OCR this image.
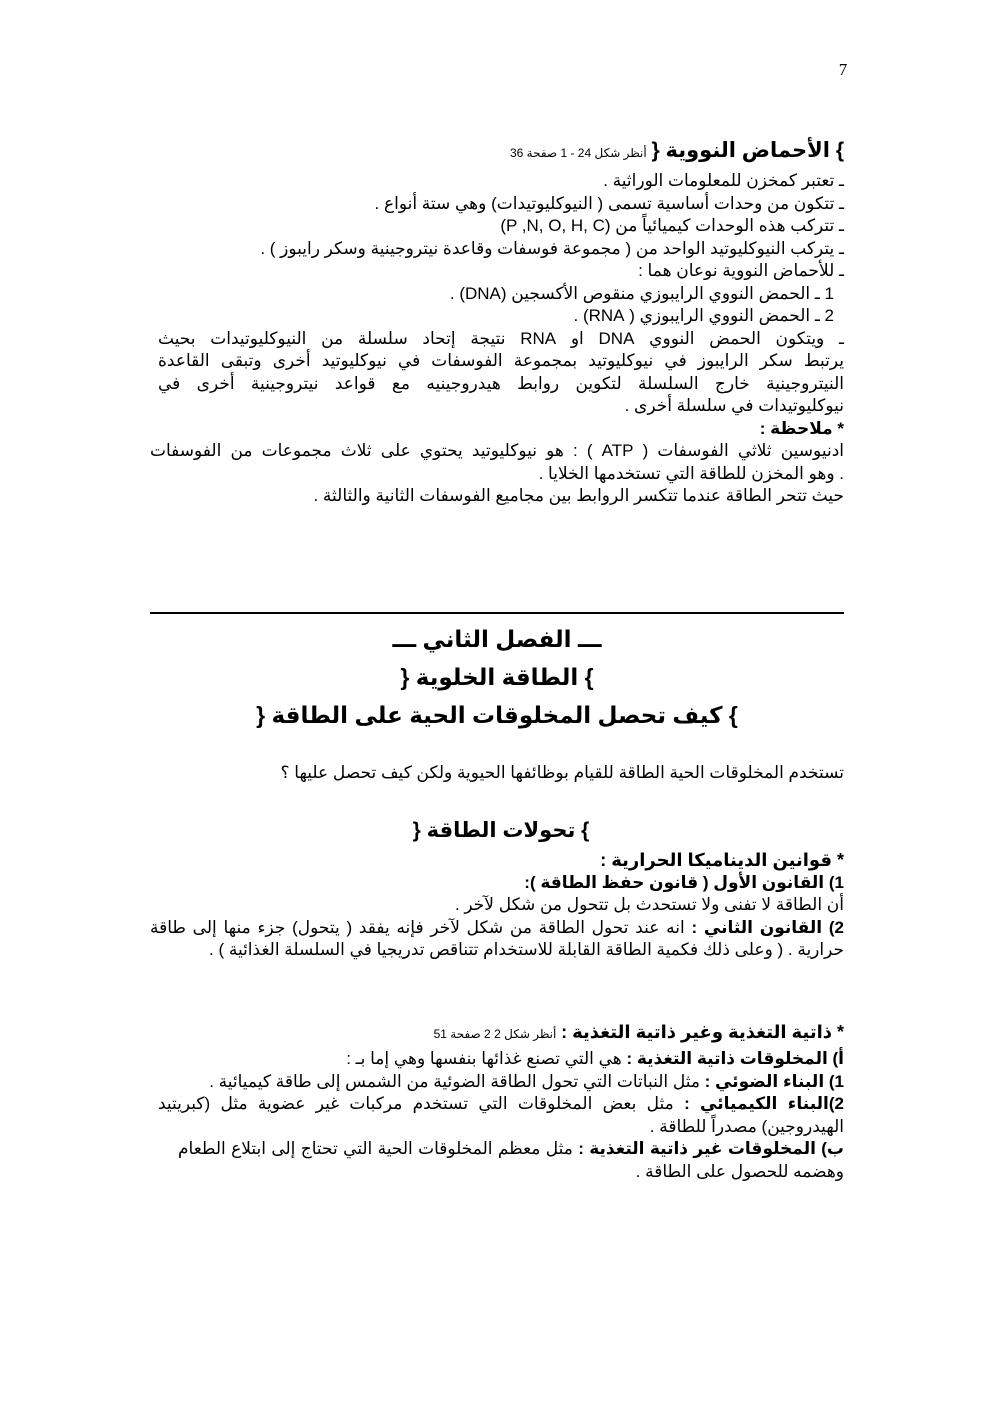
7
} الأحماض النووية { أنظر شكل 24 - 1 صفحة 36
ـ تعتبر كمخزن للمعلومات الوراثية .
ـ تتكون من وحدات أساسية تسمى ( النيوكليوتيدات) وهي ستة أنواع .
ـ تتركب هذه الوحدات كيميائياً من (P ,N, O, H, C)
ـ يتركب النيوكليوتيد الواحد من ( مجموعة فوسفات وقاعدة نيتروجينية وسكر رايبوز ) .
ـ للأحماض النووية نوعان هما :
1 ـ الحمض النووي الرايبوزي منقوص الأكسجين (DNA) .
2 ـ الحمض النووي الرايبوزي ( RNA) .
ـ ويتكون الحمض النووي DNA او RNA نتيجة إتحاد سلسلة من النيوكليوتيدات بحيث
يرتبط سكر الرايبوز في نيوكليوتيد بمجموعة الفوسفات في نيوكليوتيد أخرى وتبقى القاعدة
النيتروجينية خارج السلسلة لتكوين روابط هيدروجينيه مع قواعد نيتروجينية أخرى في
نيوكليوتيدات في سلسلة أخرى .
* ملاحظة :
ادنيوسين ثلاثي الفوسفات ( ATP ) : هو نيوكليوتيد يحتوي على ثلاث مجموعات من الفوسفات
. وهو المخزن للطاقة التي تستخدمها الخلايا .
حيث تتحر الطاقة عندما تتكسر الروابط بين مجاميع الفوسفات الثانية والثالثة .
ـــ الفصل الثاني ـــ
} الطاقة الخلوية {
} كيف تحصل المخلوقات الحية على الطاقة {
تستخدم المخلوقات الحية الطاقة للقيام بوظائفها الحيوية ولكن كيف تحصل عليها ؟
} تحولات الطاقة {
* قوانين الديناميكا الحرارية :
1) القانون الأول ( قانون حفظ الطاقة ):
أن الطاقة لا تفنى ولا تستحدث بل تتحول من شكل لآخر .
2) القانون الثاني : انه عند تحول الطاقة من شكل لآخر فإنه يفقد ( يتحول) جزء منها إلى طاقة
حرارية . ( وعلى ذلك فكمية الطاقة القابلة للاستخدام تتناقص تدريجيا في السلسلة الغذائية ) .
* ذاتية التغذية وغير ذاتية التغذية : أنظر شكل 2 2 صفحة 51
أ) المخلوقات ذاتية التغذية : هي التي تصنع غذائها بنفسها وهي إما بـ :
1) البناء الضوئي : مثل النباتات التي تحول الطاقة الضوئية من الشمس إلى طاقة كيميائية .
2)البناء الكيميائي : مثل بعض المخلوقات التي تستخدم مركبات غير عضوية مثل (كبريتيد
الهيدروجين) مصدراً للطاقة .
ب) المخلوقات غير ذاتية التغذية : مثل معظم المخلوقات الحية التي تحتاج إلى ابتلاع الطعام
وهضمه للحصول على الطاقة .
